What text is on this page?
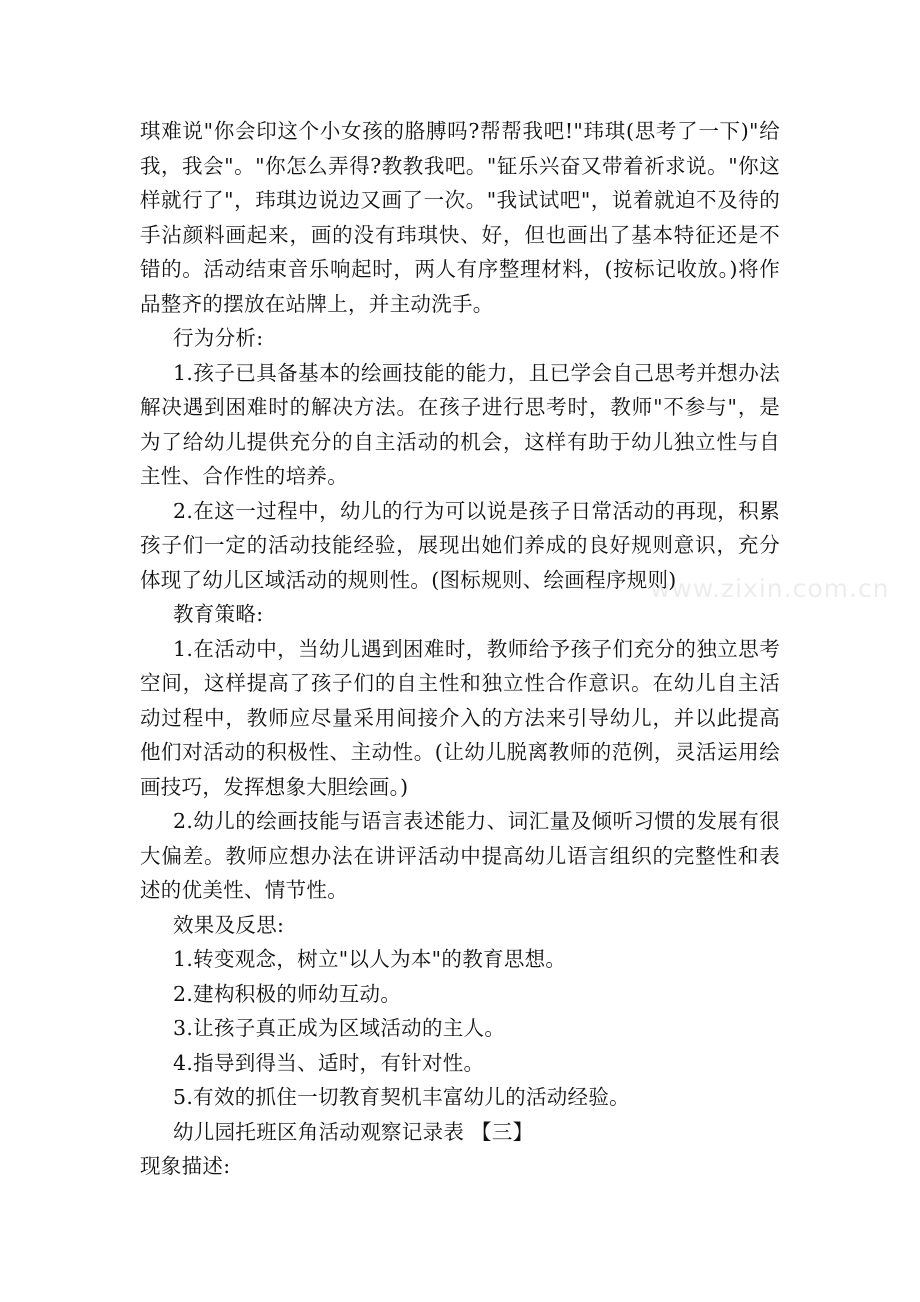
www.zixin.com.cn

琪难说"你会印这个小女孩的胳膊吗?帮帮我吧!"玮琪(思考了一下)"给我，我会"。"你怎么弄得?教教我吧。"钲乐兴奋又带着祈求说。"你这样就行了"，玮琪边说边又画了一次。"我试试吧"，说着就迫不及待的手沾颜料画起来，画的没有玮琪快、好，但也画出了基本特征还是不错的。活动结束音乐响起时，两人有序整理材料，(按标记收放。)将作品整齐的摆放在站牌上，并主动洗手。

行为分析:

1.孩子已具备基本的绘画技能的能力，且已学会自己思考并想办法解决遇到困难时的解决方法。在孩子进行思考时，教师"不参与"，是为了给幼儿提供充分的自主活动的机会，这样有助于幼儿独立性与自主性、合作性的培养。

2.在这一过程中，幼儿的行为可以说是孩子日常活动的再现，积累孩子们一定的活动技能经验，展现出她们养成的良好规则意识，充分体现了幼儿区域活动的规则性。(图标规则、绘画程序规则)

教育策略:

1.在活动中，当幼儿遇到困难时，教师给予孩子们充分的独立思考空间，这样提高了孩子们的自主性和独立性合作意识。在幼儿自主活动过程中，教师应尽量采用间接介入的方法来引导幼儿，并以此提高他们对活动的积极性、主动性。(让幼儿脱离教师的范例，灵活运用绘画技巧，发挥想象大胆绘画。)

2.幼儿的绘画技能与语言表述能力、词汇量及倾听习惯的发展有很大偏差。教师应想办法在讲评活动中提高幼儿语言组织的完整性和表述的优美性、情节性。

效果及反思:

1.转变观念，树立"以人为本"的教育思想。

2.建构积极的师幼互动。

3.让孩子真正成为区域活动的主人。

4.指导到得当、适时，有针对性。

5.有效的抓住一切教育契机丰富幼儿的活动经验。

幼儿园托班区角活动观察记录表 【三】

现象描述:
